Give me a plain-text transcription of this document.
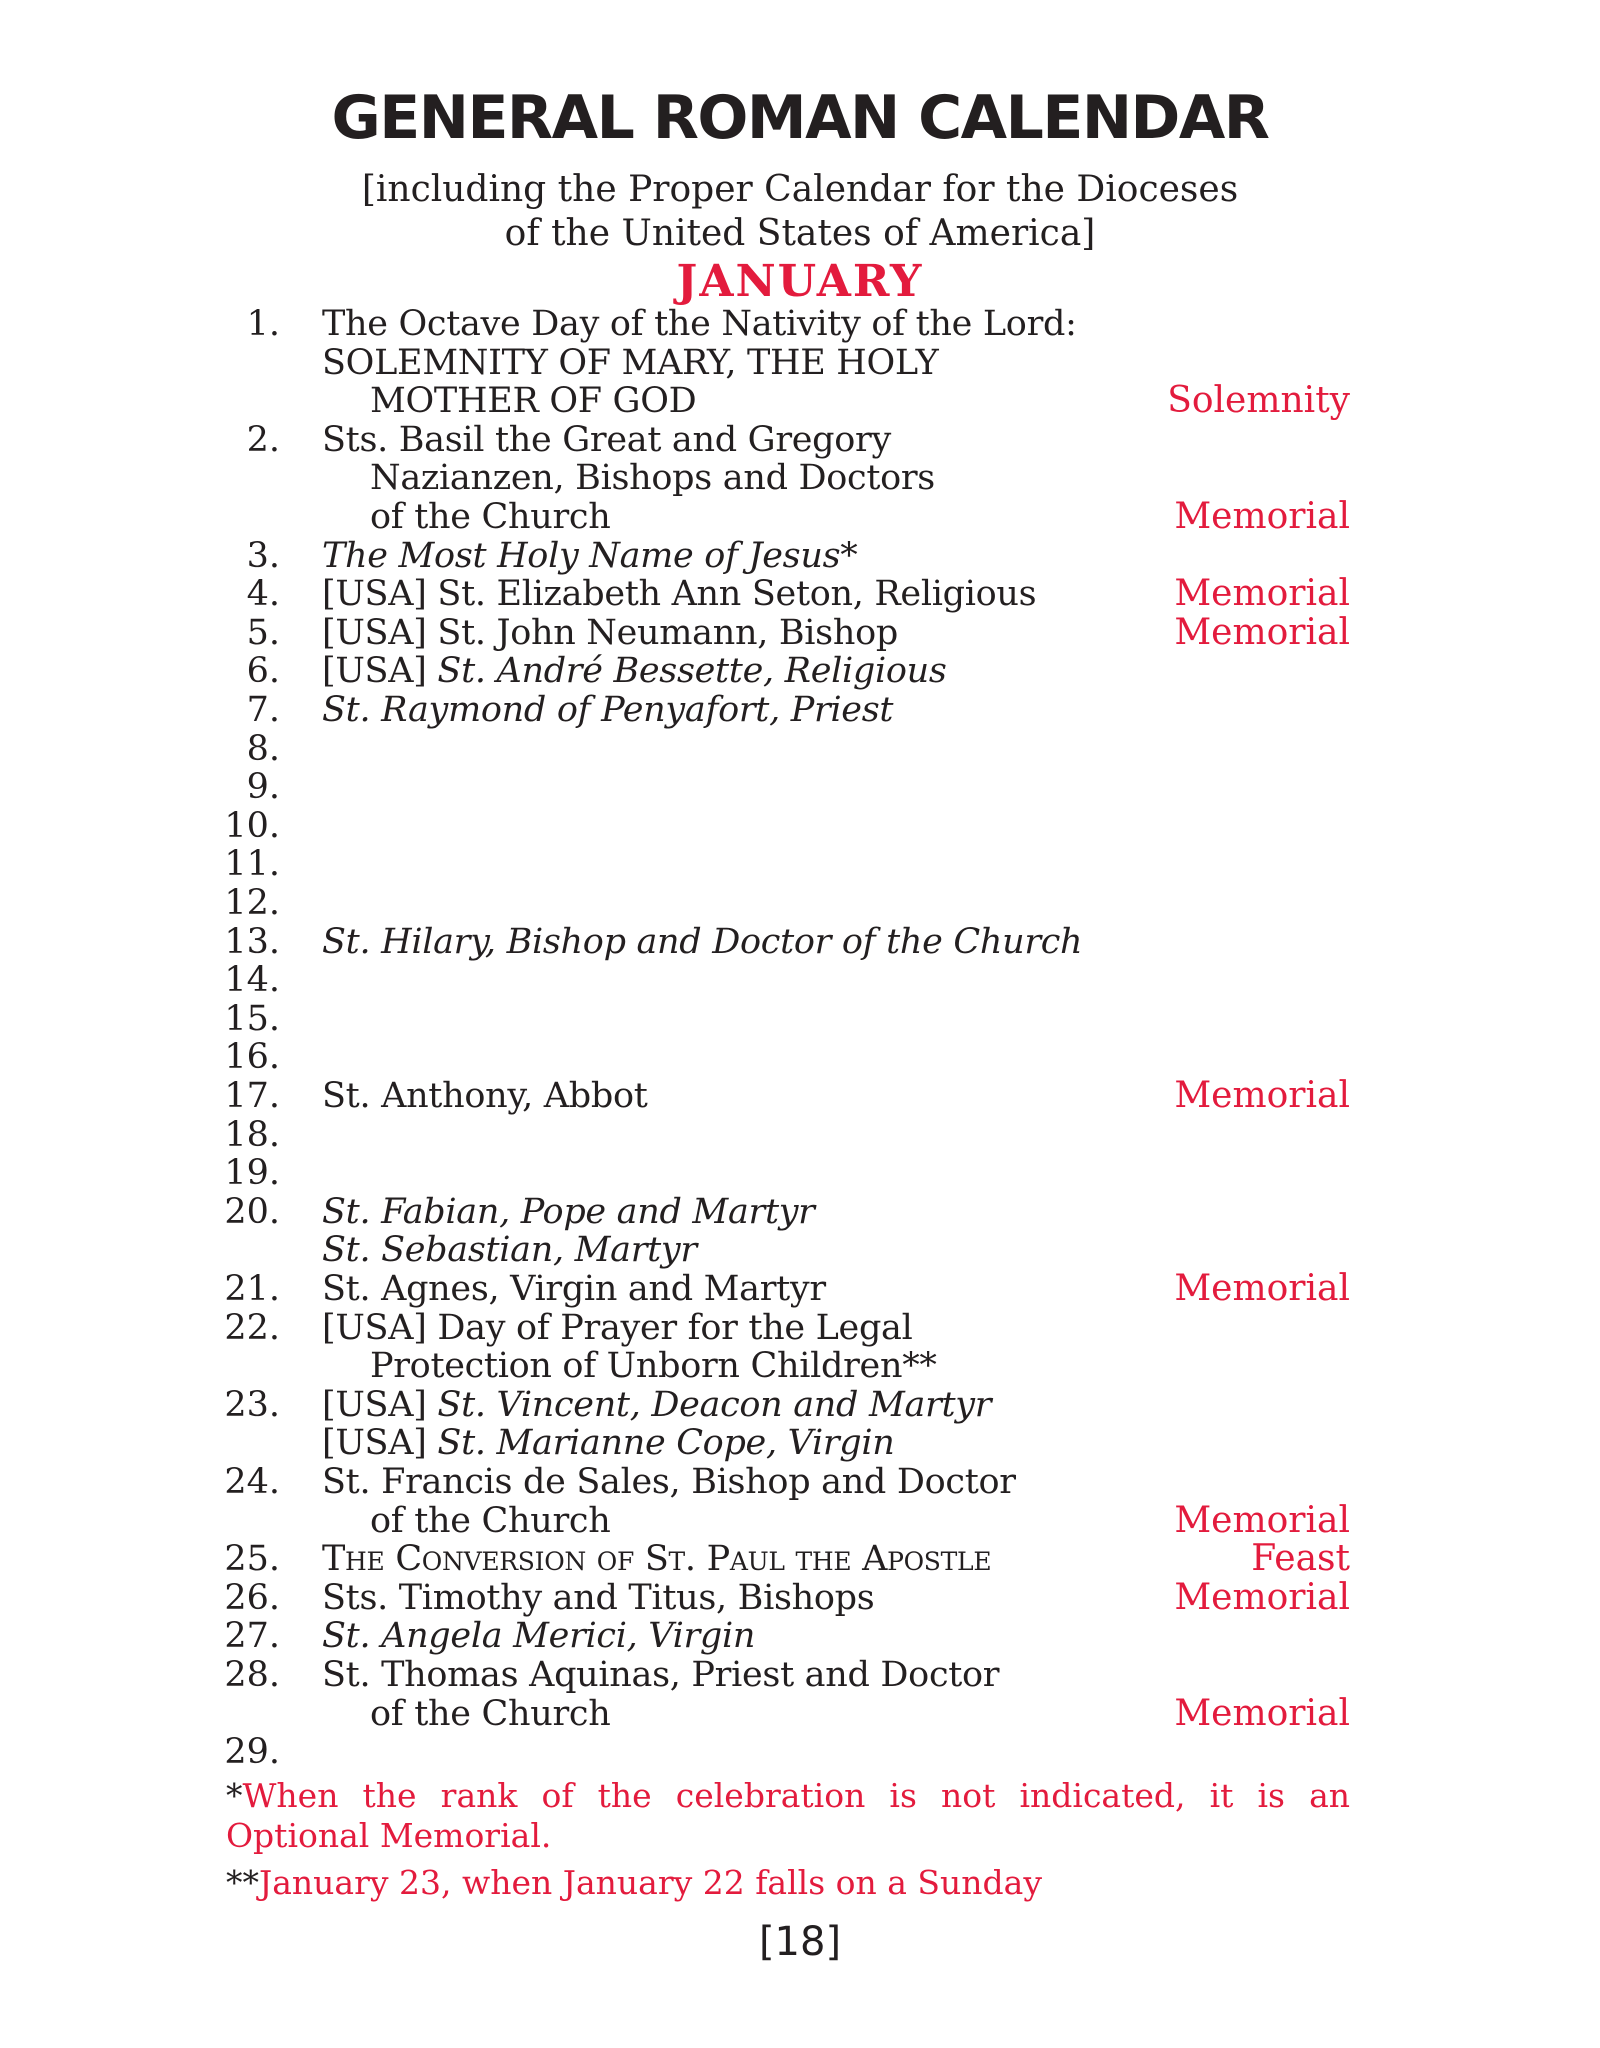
GENERAL ROMAN CALENDAR
[including the Proper Calendar for the Dioceses
of the United States of America]
JANUARY
1. The Octave Day of the Nativity of the Lord:
SOLEMNITY OF MARY, THE HOLY
MOTHER OF GOD	Solemnity
2. Sts. Basil the Great and Gregory
Nazianzen, Bishops and Doctors
of the Church	Memorial
3. The Most Holy Name of Jesus*
4. [USA] St. Elizabeth Ann Seton, Religious	Memorial
5. [USA] St. John Neumann, Bishop	Memorial
6. [USA] St. André Bessette, Religious
7. St. Raymond of Penyafort, Priest
8.
9.
10.
11.
12.
13. St. Hilary, Bishop and Doctor of the Church
14.
15.
16.
17. St. Anthony, Abbot	Memorial
18.
19.
20. St. Fabian, Pope and Martyr
St. Sebastian, Martyr
21. St. Agnes, Virgin and Martyr	Memorial
22. [USA] Day of Prayer for the Legal
Protection of Unborn Children**
23. [USA] St. Vincent, Deacon and Martyr
[USA] St. Marianne Cope, Virgin
24. St. Francis de Sales, Bishop and Doctor
of the Church	Memorial
25. The Conversion of St. Paul the Apostle	Feast
26. Sts. Timothy and Titus, Bishops	Memorial
27. St. Angela Merici, Virgin
28. St. Thomas Aquinas, Priest and Doctor
of the Church	Memorial
29.
*When the rank of the celebration is not indicated, it is an Optional Memorial.
**January 23, when January 22 falls on a Sunday
[18]
